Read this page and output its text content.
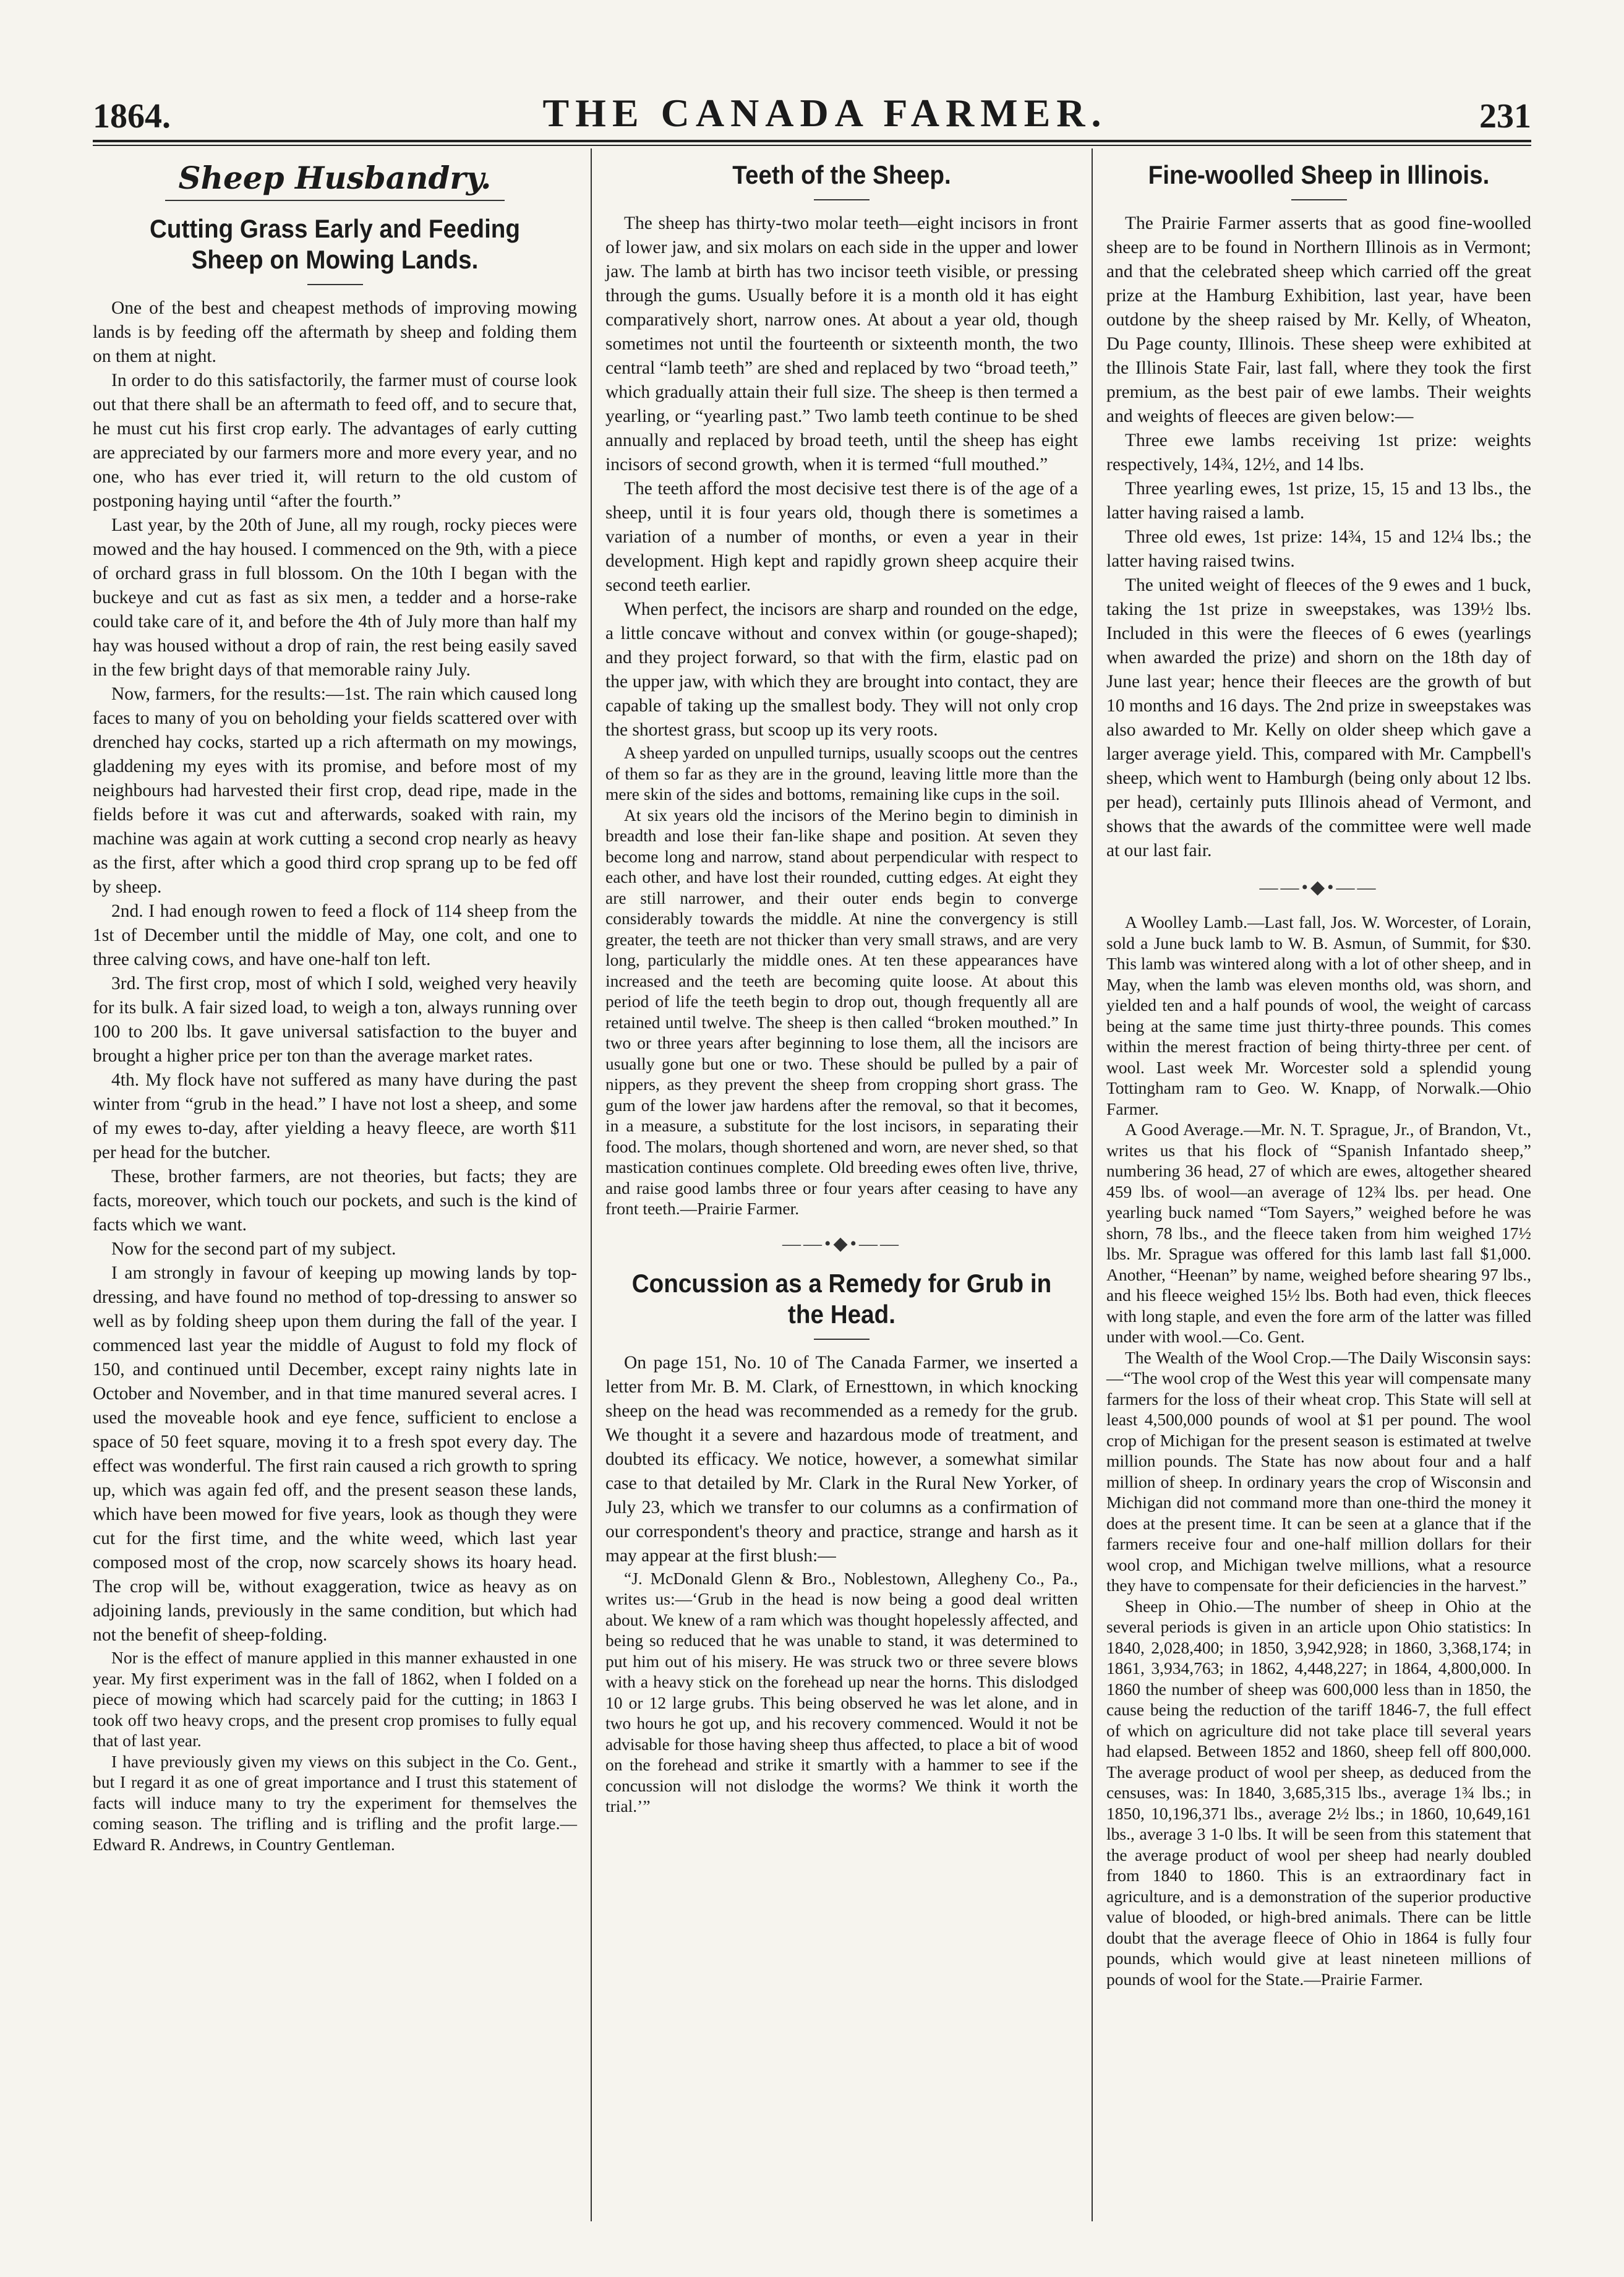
1864.	THE CANADA FARMER.	231
Sheep Husbandry.
Cutting Grass Early and Feeding Sheep on Mowing Lands.

One of the best and cheapest methods of improving mowing lands is by feeding off the aftermath by sheep and folding them on them at night.

In order to do this satisfactorily, the farmer must of course look out that there shall be an aftermath to feed off, and to secure that, he must cut his first crop early. The advantages of early cutting are appreciated by our farmers more and more every year, and no one, who has ever tried it, will return to the old custom of postponing haying until “after the fourth.”

Last year, by the 20th of June, all my rough, rocky pieces were mowed and the hay housed. I commenced on the 9th, with a piece of orchard grass in full blossom. On the 10th I began with the buckeye and cut as fast as six men, a tedder and a horse-rake could take care of it, and before the 4th of July more than half my hay was housed without a drop of rain, the rest being easily saved in the few bright days of that memorable rainy July.

Now, farmers, for the results:—1st. The rain which caused long faces to many of you on beholding your fields scattered over with drenched hay cocks, started up a rich aftermath on my mowings, gladdening my eyes with its promise, and before most of my neighbours had harvested their first crop, dead ripe, made in the fields before it was cut and afterwards, soaked with rain, my machine was again at work cutting a second crop nearly as heavy as the first, after which a good third crop sprang up to be fed off by sheep.

2nd. I had enough rowen to feed a flock of 114 sheep from the 1st of December until the middle of May, one colt, and one to three calving cows, and have one-half ton left.

3rd. The first crop, most of which I sold, weighed very heavily for its bulk. A fair sized load, to weigh a ton, always running over 100 to 200 lbs. It gave universal satisfaction to the buyer and brought a higher price per ton than the average market rates.

4th. My flock have not suffered as many have during the past winter from “grub in the head.” I have not lost a sheep, and some of my ewes to-day, after yielding a heavy fleece, are worth $11 per head for the butcher.

These, brother farmers, are not theories, but facts; they are facts, moreover, which touch our pockets, and such is the kind of facts which we want.

Now for the second part of my subject.

I am strongly in favour of keeping up mowing lands by top-dressing, and have found no method of top-dressing to answer so well as by folding sheep upon them during the fall of the year. I commenced last year the middle of August to fold my flock of 150, and continued until December, except rainy nights late in October and November, and in that time manured several acres. I used the moveable hook and eye fence, sufficient to enclose a space of 50 feet square, moving it to a fresh spot every day. The effect was wonderful. The first rain caused a rich growth to spring up, which was again fed off, and the present season these lands, which have been mowed for five years, look as though they were cut for the first time, and the white weed, which last year composed most of the crop, now scarcely shows its hoary head. The crop will be, without exaggeration, twice as heavy as on adjoining lands, previously in the same condition, but which had not the benefit of sheep-folding.

Nor is the effect of manure applied in this manner exhausted in one year. My first experiment was in the fall of 1862, when I folded on a piece of mowing which had scarcely paid for the cutting; in 1863 I took off two heavy crops, and the present crop promises to fully equal that of last year.

I have previously given my views on this subject in the Co. Gent., but I regard it as one of great importance and I trust this statement of facts will induce many to try the experiment for themselves the coming season. The trifling and is trifling and the profit large.—Edward R. Andrews, in Country Gentleman.

Teeth of the Sheep.

The sheep has thirty-two molar teeth—eight incisors in front of lower jaw, and six molars on each side in the upper and lower jaw. The lamb at birth has two incisor teeth visible, or pressing through the gums. Usually before it is a month old it has eight comparatively short, narrow ones. At about a year old, though sometimes not until the fourteenth or sixteenth month, the two central “lamb teeth” are shed and replaced by two “broad teeth,” which gradually attain their full size. The sheep is then termed a yearling, or “yearling past.” Two lamb teeth continue to be shed annually and replaced by broad teeth, until the sheep has eight incisors of second growth, when it is termed “full mouthed.”

The teeth afford the most decisive test there is of the age of a sheep, until it is four years old, though there is sometimes a variation of a number of months, or even a year in their development. High kept and rapidly grown sheep acquire their second teeth earlier.

When perfect, the incisors are sharp and rounded on the edge, a little concave without and convex within (or gouge-shaped); and they project forward, so that with the firm, elastic pad on the upper jaw, with which they are brought into contact, they are capable of taking up the smallest body. They will not only crop the shortest grass, but scoop up its very roots.

A sheep yarded on unpulled turnips, usually scoops out the centres of them so far as they are in the ground, leaving little more than the mere skin of the sides and bottoms, remaining like cups in the soil.

At six years old the incisors of the Merino begin to diminish in breadth and lose their fan-like shape and position. At seven they become long and narrow, stand about perpendicular with respect to each other, and have lost their rounded, cutting edges. At eight they are still narrower, and their outer ends begin to converge considerably towards the middle. At nine the convergency is still greater, the teeth are not thicker than very small straws, and are very long, particularly the middle ones. At ten these appearances have increased and the teeth are becoming quite loose. At about this period of life the teeth begin to drop out, though frequently all are retained until twelve. The sheep is then called “broken mouthed.” In two or three years after beginning to lose them, all the incisors are usually gone but one or two. These should be pulled by a pair of nippers, as they prevent the sheep from cropping short grass. The gum of the lower jaw hardens after the removal, so that it becomes, in a measure, a substitute for the lost incisors, in separating their food. The molars, though shortened and worn, are never shed, so that mastication continues complete. Old breeding ewes often live, thrive, and raise good lambs three or four years after ceasing to have any front teeth.—Prairie Farmer.

——•◆•——
Concussion as a Remedy for Grub in the Head.

On page 151, No. 10 of The Canada Farmer, we inserted a letter from Mr. B. M. Clark, of Ernesttown, in which knocking sheep on the head was recommended as a remedy for the grub. We thought it a severe and hazardous mode of treatment, and doubted its efficacy. We notice, however, a somewhat similar case to that detailed by Mr. Clark in the Rural New Yorker, of July 23, which we transfer to our columns as a confirmation of our correspondent's theory and practice, strange and harsh as it may appear at the first blush:—

“J. McDonald Glenn & Bro., Noblestown, Allegheny Co., Pa., writes us:—‘Grub in the head is now being a good deal written about. We knew of a ram which was thought hopelessly affected, and being so reduced that he was unable to stand, it was determined to put him out of his misery. He was struck two or three severe blows with a heavy stick on the forehead up near the horns. This dislodged 10 or 12 large grubs. This being observed he was let alone, and in two hours he got up, and his recovery commenced. Would it not be advisable for those having sheep thus affected, to place a bit of wood on the forehead and strike it smartly with a hammer to see if the concussion will not dislodge the worms? We think it worth the trial.’”

Fine-woolled Sheep in Illinois.

The Prairie Farmer asserts that as good fine-woolled sheep are to be found in Northern Illinois as in Vermont; and that the celebrated sheep which carried off the great prize at the Hamburg Exhibition, last year, have been outdone by the sheep raised by Mr. Kelly, of Wheaton, Du Page county, Illinois. These sheep were exhibited at the Illinois State Fair, last fall, where they took the first premium, as the best pair of ewe lambs. Their weights and weights of fleeces are given below:—

Three ewe lambs receiving 1st prize: weights respectively, 14¾, 12½, and 14 lbs.

Three yearling ewes, 1st prize, 15, 15 and 13 lbs., the latter having raised a lamb.

Three old ewes, 1st prize: 14¾, 15 and 12¼ lbs.; the latter having raised twins.

The united weight of fleeces of the 9 ewes and 1 buck, taking the 1st prize in sweepstakes, was 139½ lbs. Included in this were the fleeces of 6 ewes (yearlings when awarded the prize) and shorn on the 18th day of June last year; hence their fleeces are the growth of but 10 months and 16 days. The 2nd prize in sweepstakes was also awarded to Mr. Kelly on older sheep which gave a larger average yield. This, compared with Mr. Campbell's sheep, which went to Hamburgh (being only about 12 lbs. per head), certainly puts Illinois ahead of Vermont, and shows that the awards of the committee were well made at our last fair.

——•◆•——

A Woolley Lamb.—Last fall, Jos. W. Worcester, of Lorain, sold a June buck lamb to W. B. Asmun, of Summit, for $30. This lamb was wintered along with a lot of other sheep, and in May, when the lamb was eleven months old, was shorn, and yielded ten and a half pounds of wool, the weight of carcass being at the same time just thirty-three pounds. This comes within the merest fraction of being thirty-three per cent. of wool. Last week Mr. Worcester sold a splendid young Tottingham ram to Geo. W. Knapp, of Norwalk.—Ohio Farmer.

A Good Average.—Mr. N. T. Sprague, Jr., of Brandon, Vt., writes us that his flock of “Spanish Infantado sheep,” numbering 36 head, 27 of which are ewes, altogether sheared 459 lbs. of wool—an average of 12¾ lbs. per head. One yearling buck named “Tom Sayers,” weighed before he was shorn, 78 lbs., and the fleece taken from him weighed 17½ lbs. Mr. Sprague was offered for this lamb last fall $1,000. Another, “Heenan” by name, weighed before shearing 97 lbs., and his fleece weighed 15½ lbs. Both had even, thick fleeces with long staple, and even the fore arm of the latter was filled under with wool.—Co. Gent.

The Wealth of the Wool Crop.—The Daily Wisconsin says:—“The wool crop of the West this year will compensate many farmers for the loss of their wheat crop. This State will sell at least 4,500,000 pounds of wool at $1 per pound. The wool crop of Michigan for the present season is estimated at twelve million pounds. The State has now about four and a half million of sheep. In ordinary years the crop of Wisconsin and Michigan did not command more than one-third the money it does at the present time. It can be seen at a glance that if the farmers receive four and one-half million dollars for their wool crop, and Michigan twelve millions, what a resource they have to compensate for their deficiencies in the harvest.”

Sheep in Ohio.—The number of sheep in Ohio at the several periods is given in an article upon Ohio statistics: In 1840, 2,028,400; in 1850, 3,942,928; in 1860, 3,368,174; in 1861, 3,934,763; in 1862, 4,448,227; in 1864, 4,800,000. In 1860 the number of sheep was 600,000 less than in 1850, the cause being the reduction of the tariff 1846-7, the full effect of which on agriculture did not take place till several years had elapsed. Between 1852 and 1860, sheep fell off 800,000. The average product of wool per sheep, as deduced from the censuses, was: In 1840, 3,685,315 lbs., average 1¾ lbs.; in 1850, 10,196,371 lbs., average 2½ lbs.; in 1860, 10,649,161 lbs., average 3 1-0 lbs. It will be seen from this statement that the average product of wool per sheep had nearly doubled from 1840 to 1860. This is an extraordinary fact in agriculture, and is a demonstration of the superior productive value of blooded, or high-bred animals. There can be little doubt that the average fleece of Ohio in 1864 is fully four pounds, which would give at least nineteen millions of pounds of wool for the State.—Prairie Farmer.
